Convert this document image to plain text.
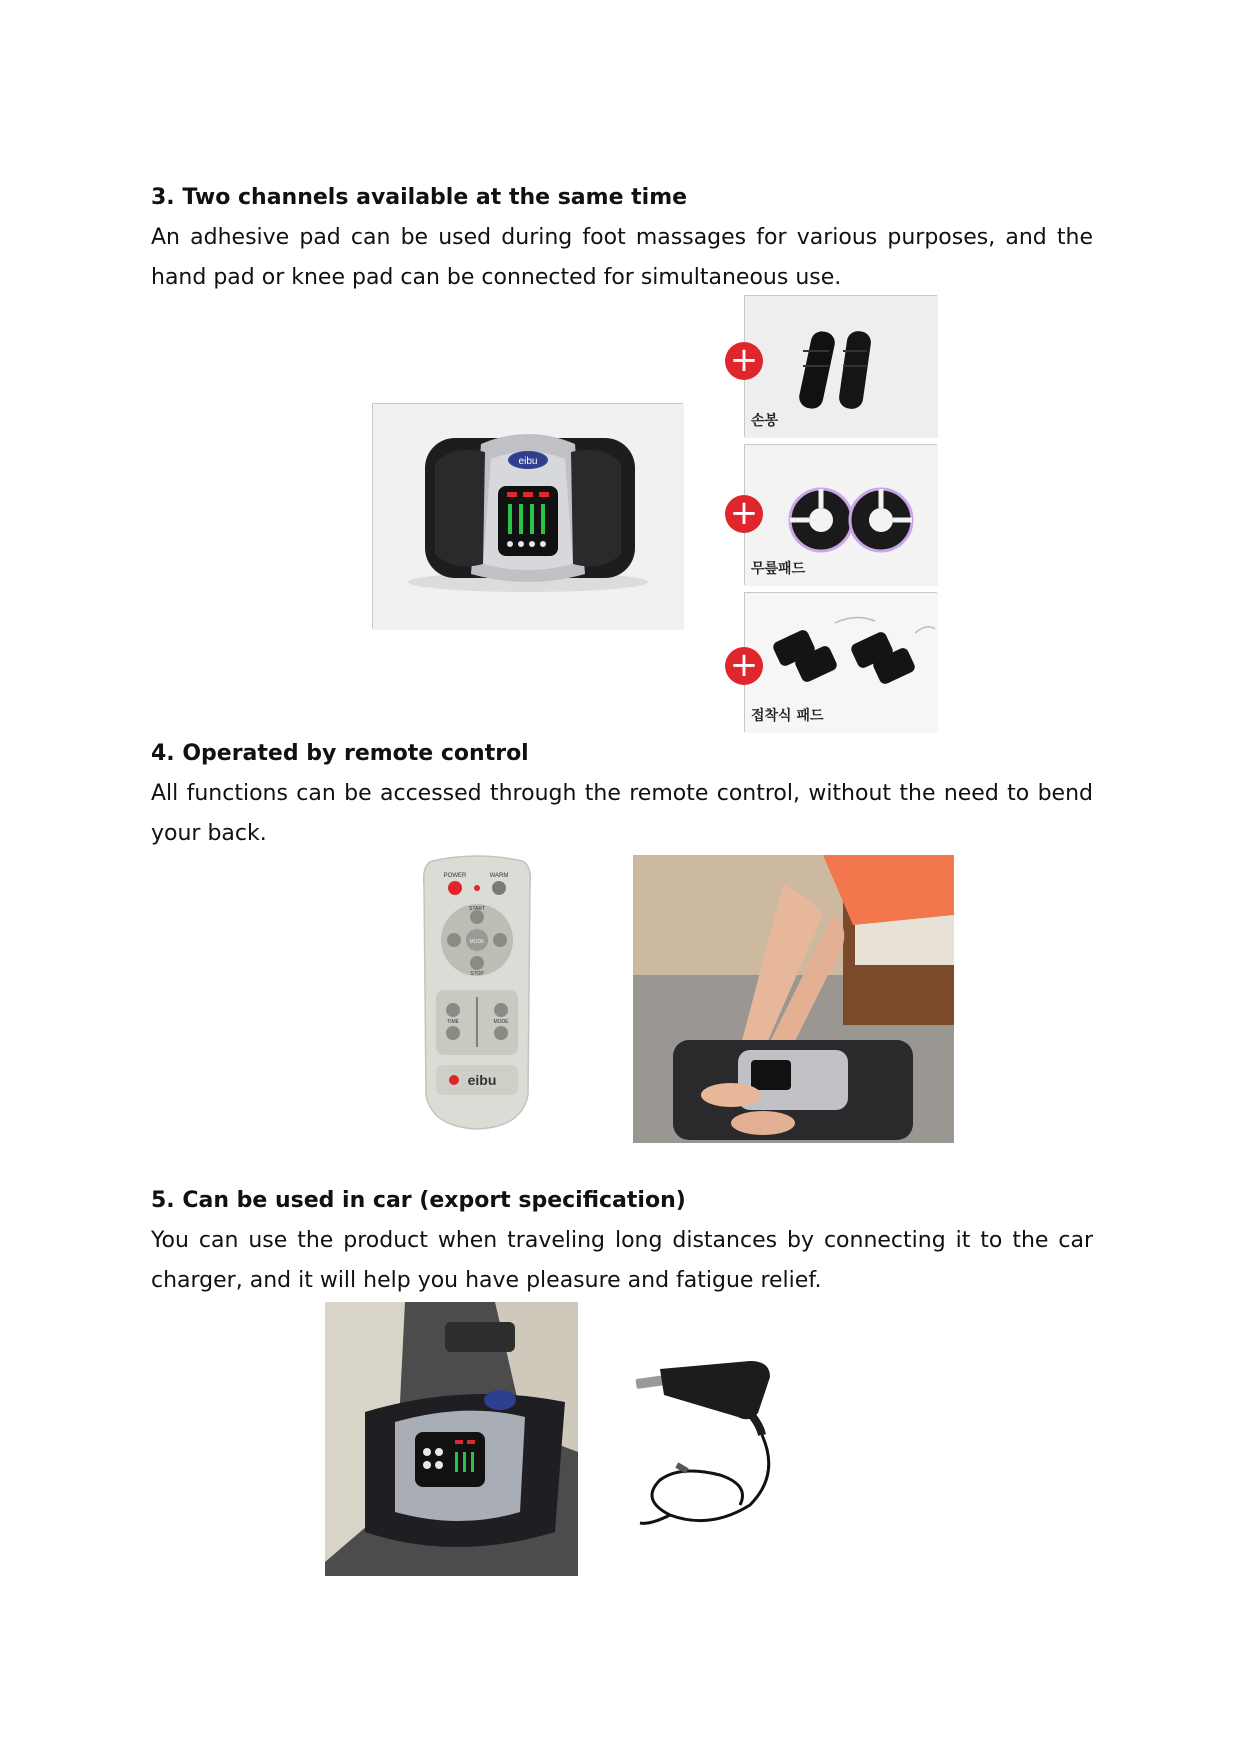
3. Two channels available at the same time
An adhesive pad can be used during foot massages for various purposes, and the hand pad or knee pad can be connected for simultaneous use.
eibu
+
손봉
+
무릎패드
+
접착식 패드
4. Operated by remote control
All functions can be accessed through the remote control, without the need to bend your back.
POWER	WARM
START
MODE
STOP
TIME	MODE
eibu
5. Can be used in car (export specification)
You can use the product when traveling long distances by connecting it to the car charger, and it will help you have pleasure and fatigue relief.
